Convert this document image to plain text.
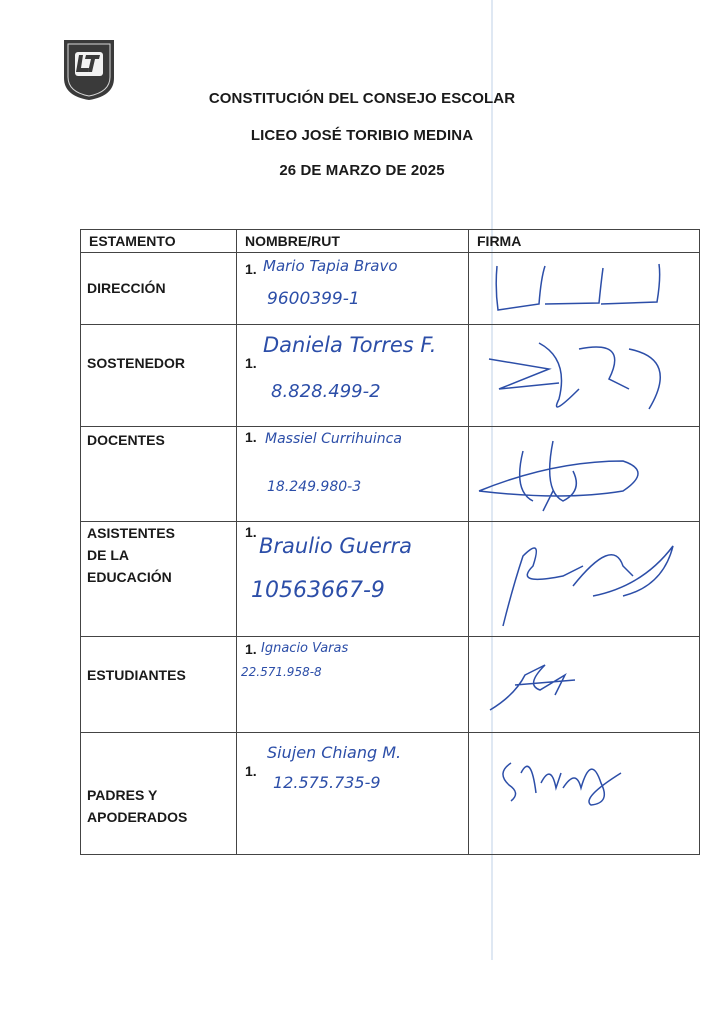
CONSTITUCIÓN DEL CONSEJO ESCOLAR
LICEO JOSÉ TORIBIO MEDINA
26 DE MARZO DE 2025
ESTAMENTO	NOMBRE/RUT	FIRMA

DIRECCIÓN	1. Mario Tapia Bravo
9600399-1

SOSTENEDOR	1.
Daniela Torres F.
8.828.499-2

DOCENTES	1. Massiel Currihuinca
18.249.980-3

ASISTENTES
DE LA
EDUCACIÓN	1.
Braulio Guerra
10563667-9

ESTUDIANTES	1. Ignacio Varas
22.571.958-8

PADRES Y
APODERADOS	1.
Siujen Chiang M.
12.575.735-9
